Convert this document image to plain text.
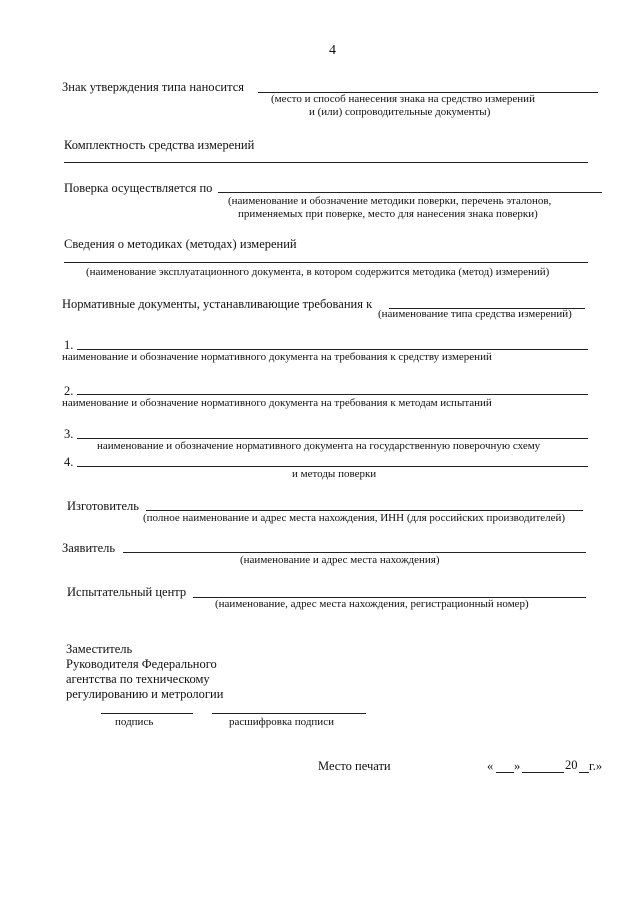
4
Знак утверждения типа наносится
(место и способ нанесения знака на средство измерений
и (или) сопроводительные документы)
Комплектность средства измерений
Поверка осуществляется по
(наименование и обозначение методики поверки, перечень эталонов,
применяемых при поверке, место для нанесения знака поверки)
Сведения о методиках (методах) измерений
(наименование эксплуатационного документа, в котором содержится методика (метод) измерений)
Нормативные документы, устанавливающие требования к
(наименование типа средства измерений)
1.
наименование и обозначение нормативного документа на требования к средству измерений
2.
наименование и обозначение нормативного документа на требования к методам испытаний
3.
наименование и обозначение нормативного документа на государственную поверочную схему
4.
и методы поверки
Изготовитель
(полное наименование и адрес места нахождения, ИНН (для российских производителей)
Заявитель
(наименование и адрес места нахождения)
Испытательный центр
(наименование, адрес места нахождения, регистрационный номер)
Заместитель
Руководителя Федерального
агентства по техническому
регулированию и метрологии
подпись	расшифровка подписи
Место печати	« »	20 г.»
